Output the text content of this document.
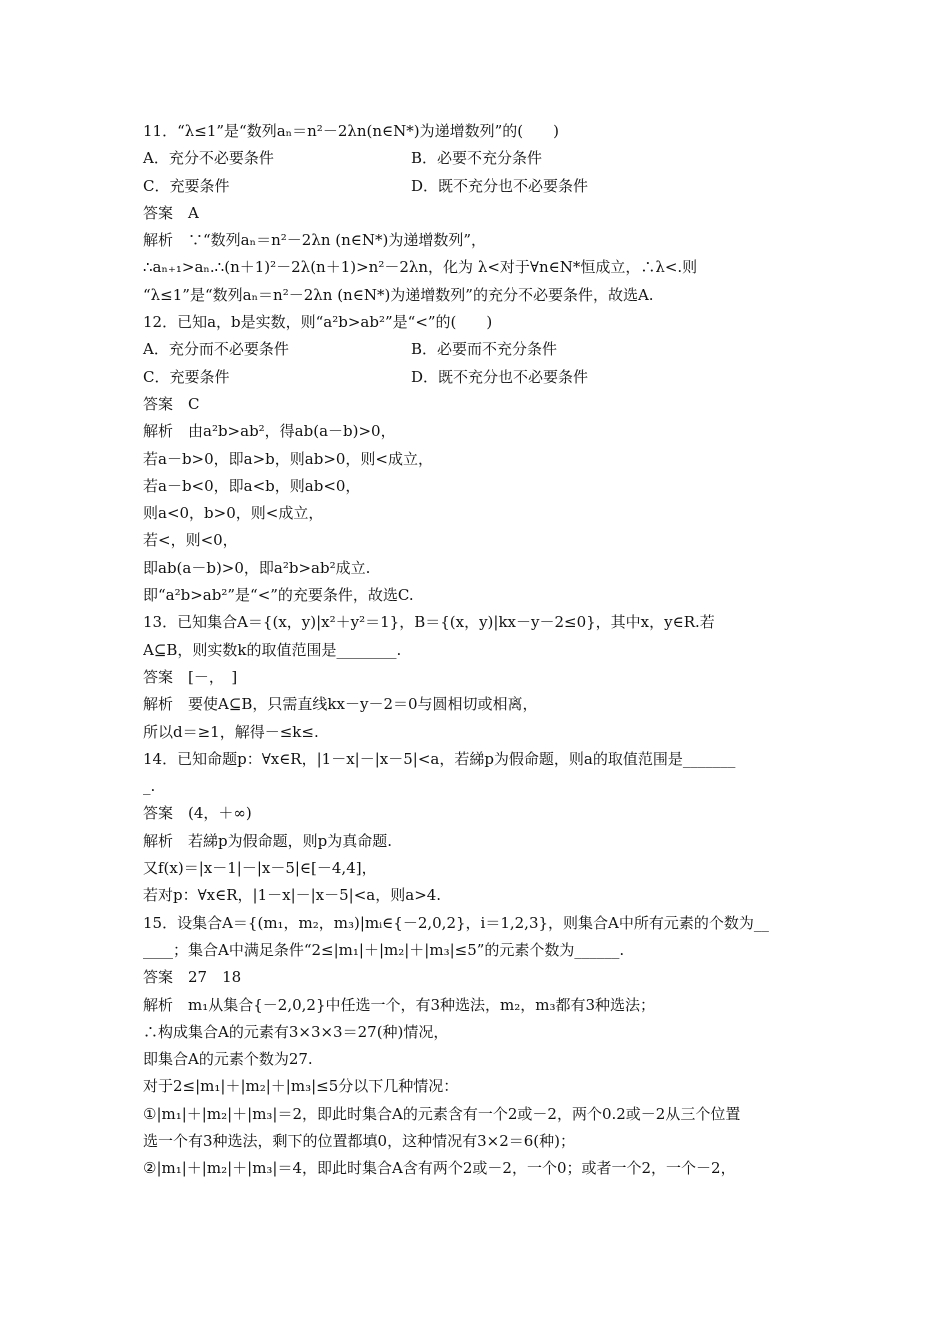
11．“λ≤1”是“数列aₙ＝n²－2λn(n∈N*)为递增数列”的(　　)
A．充分不必要条件	B．必要不充分条件
C．充要条件	D．既不充分也不必要条件
答案　A
解析　∵“数列aₙ＝n²－2λn (n∈N*)为递增数列”，
∴aₙ₊₁>aₙ.∴(n＋1)²－2λ(n＋1)>n²－2λn，化为 λ<对于∀n∈N*恒成立，∴λ<.则
“λ≤1”是“数列aₙ＝n²－2λn (n∈N*)为递增数列”的充分不必要条件，故选A.
12．已知a，b是实数，则“a²b>ab²”是“<”的(　　)
A．充分而不必要条件	B．必要而不充分条件
C．充要条件	D．既不充分也不必要条件
答案　C
解析　由a²b>ab²，得ab(a－b)>0，
若a－b>0，即a>b，则ab>0，则<成立，
若a－b<0，即a<b，则ab<0，
则a<0，b>0，则<成立，
若<，则<0，
即ab(a－b)>0，即a²b>ab²成立.
即“a²b>ab²”是“<”的充要条件，故选C.
13．已知集合A＝{(x，y)|x²＋y²＝1}，B＝{(x，y)|kx－y－2≤0}，其中x，y∈R.若
A⊆B，则实数k的取值范围是________.
答案　[－，　]
解析　要使A⊆B，只需直线kx－y－2＝0与圆相切或相离，
所以d＝≥1，解得－≤k≤.
14．已知命题p：∀x∈R，|1－x|－|x－5|<a，若綈p为假命题，则a的取值范围是_______
_.
答案　(4，＋∞)
解析　若綈p为假命题，则p为真命题.
又f(x)＝|x－1|－|x－5|∈[－4,4]，
若对p：∀x∈R，|1－x|－|x－5|<a，则a>4.
15．设集合A＝{(m₁，m₂，m₃)|mᵢ∈{－2,0,2}，i＝1,2,3}，则集合A中所有元素的个数为__
____；集合A中满足条件“2≤|m₁|＋|m₂|＋|m₃|≤5”的元素个数为______.
答案　27　18
解析　m₁从集合{－2,0,2}中任选一个，有3种选法，m₂，m₃都有3种选法；
∴构成集合A的元素有3×3×3＝27(种)情况，
即集合A的元素个数为27.
对于2≤|m₁|＋|m₂|＋|m₃|≤5分以下几种情况：
①|m₁|＋|m₂|＋|m₃|＝2，即此时集合A的元素含有一个2或－2，两个0.2或－2从三个位置
选一个有3种选法，剩下的位置都填0，这种情况有3×2＝6(种)；
②|m₁|＋|m₂|＋|m₃|＝4，即此时集合A含有两个2或－2，一个0；或者一个2，一个－2，
